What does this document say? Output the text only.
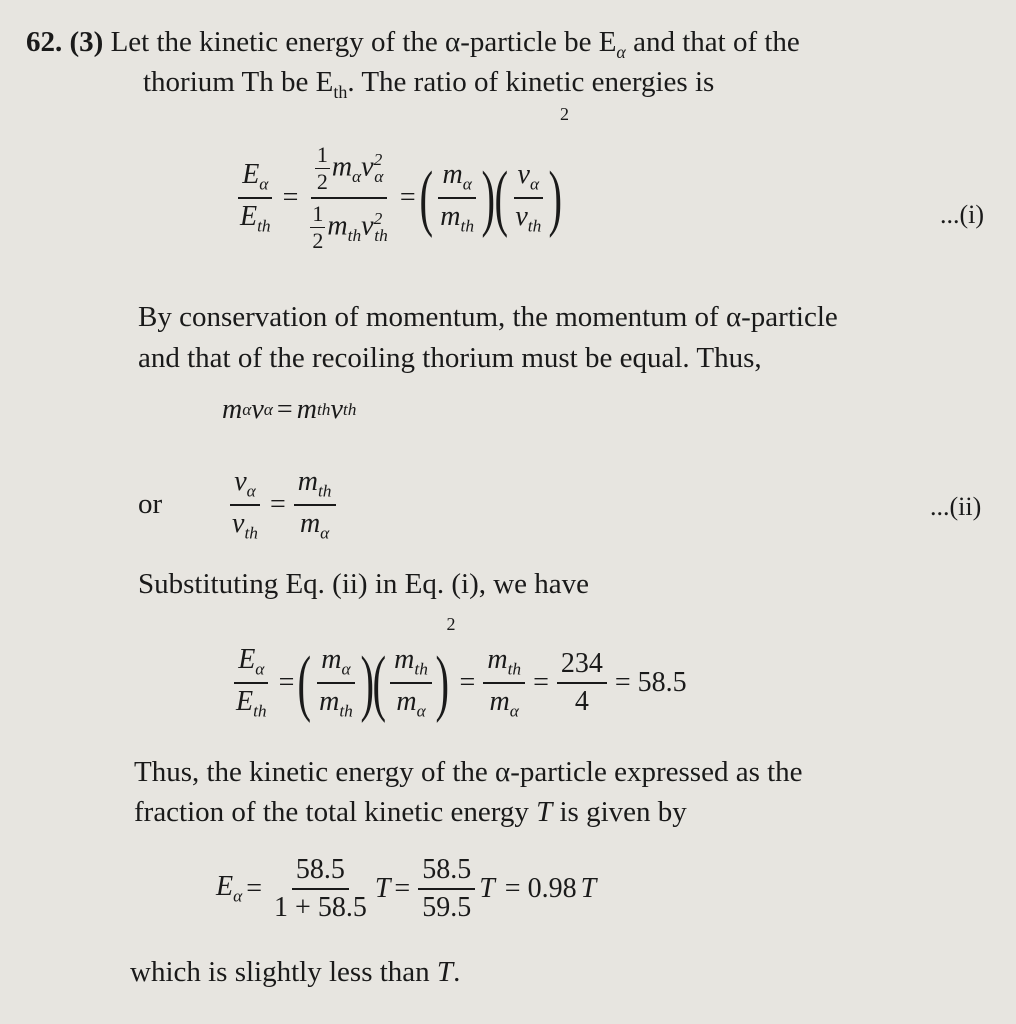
62. (3) Let the kinetic energy of the α-particle be $E_\alpha$ and that of the
thorium Th be $E_{th}$. The ratio of kinetic energies is
$\frac{E_\alpha}{E_{th}} = 1$
2 $m_\alpha v^2_\alpha$
1
2 $m_{th}v^2_{th}$ = ( $\frac{m_\alpha}{m_{th}}$ ) ( $\frac{v_\alpha}{v_{th}}$ )
2
...(i)
By conservation of momentum, the momentum of α-particle
and that of the recoiling thorium must be equal. Thus,
m α v α = m th v th
or $\frac{v_\alpha}{v_{th}} = \frac{m_{th}}{m_\alpha}$	...(ii)
Substituting Eq. (ii) in Eq. (i), we have
$\frac{E_\alpha}{E_{th}}$ = ( $\frac{m_\alpha}{m_{th}}$ ) ( $\frac{m_{th}}{m_\alpha}$ )
2
= $\frac{m_{th}}{m_\alpha} = \frac{234}{4} = 58.5$
Thus, the kinetic energy of the α-particle expressed as the
fraction of the total kinetic energy T is given by
$E_\alpha = \frac{58.5}{1 + 58.5}$ $T = \frac{58.5}{59.5}$ T = 0.98 T
which is slightly less than T.
